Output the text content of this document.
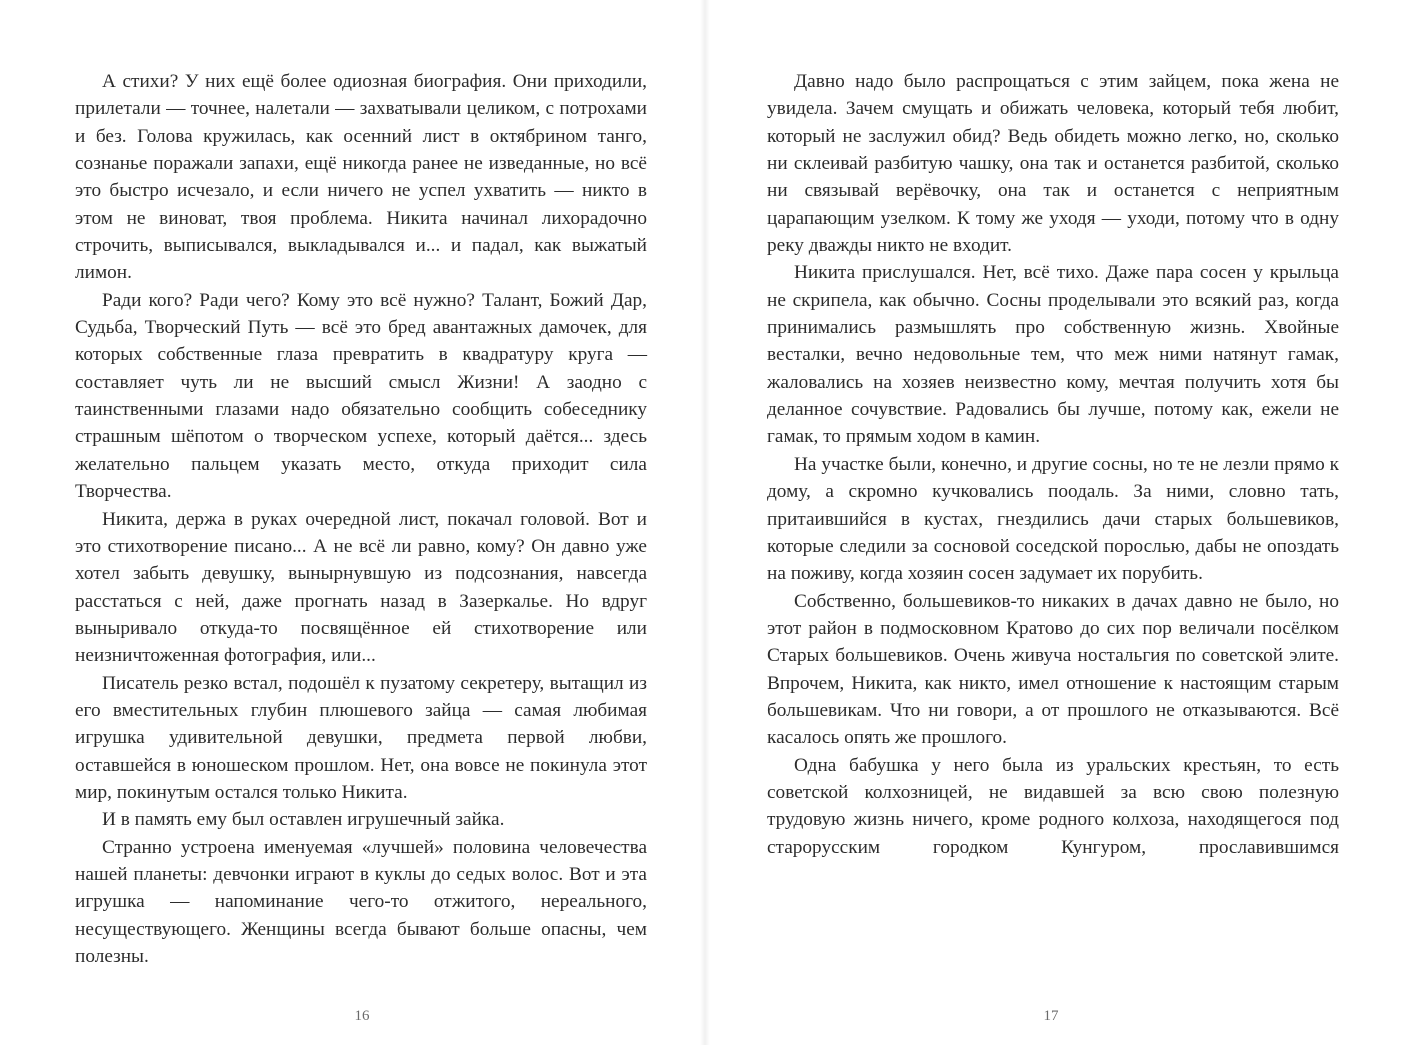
А стихи? У них ещё более одиозная биография. Они приходили, прилетали — точнее, налетали — захватывали целиком, с потрохами и без. Голова кружилась, как осенний лист в октябрином танго, сознанье поражали запахи, ещё никогда ранее не изведанные, но всё это быстро исчезало, и если ничего не успел ухватить — никто в этом не виноват, твоя проблема. Никита начинал лихорадочно строчить, выписывался, выкладывался и... и падал, как выжатый лимон.

Ради кого? Ради чего? Кому это всё нужно? Талант, Божий Дар, Судьба, Творческий Путь — всё это бред авантажных дамочек, для которых собственные глаза превратить в квадратуру круга — составляет чуть ли не высший смысл Жизни! А заодно с таинственными глазами надо обязательно сообщить собеседнику страшным шёпотом о творческом успехе, который даётся... здесь желательно пальцем указать место, откуда приходит сила Творчества.

Никита, держа в руках очередной лист, покачал головой. Вот и это стихотворение писано... А не всё ли равно, кому? Он давно уже хотел забыть девушку, вынырнувшую из подсознания, навсегда расстаться с ней, даже прогнать назад в Зазеркалье. Но вдруг выныривало откуда-то посвящённое ей стихотворение или неизничтоженная фотография, или...

Писатель резко встал, подошёл к пузатому секретеру, вытащил из его вместительных глубин плюшевого зайца — самая любимая игрушка удивительной девушки, предмета первой любви, оставшейся в юношеском прошлом. Нет, она вовсе не покинула этот мир, покинутым остался только Никита.

И в память ему был оставлен игрушечный зайка.

Странно устроена именуемая «лучшей» половина человечества нашей планеты: девчонки играют в куклы до седых волос. Вот и эта игрушка — напоминание чего-то отжитого, нереального, несуществующего. Женщины всегда бывают больше опасны, чем полезны.

16

Давно надо было распрощаться с этим зайцем, пока жена не увидела. Зачем смущать и обижать человека, который тебя любит, который не заслужил обид? Ведь обидеть можно легко, но, сколько ни склеивай разбитую чашку, она так и останется разбитой, сколько ни связывай верёвочку, она так и останется с неприятным царапающим узелком. К тому же уходя — уходи, потому что в одну реку дважды никто не входит.

Никита прислушался. Нет, всё тихо. Даже пара сосен у крыльца не скрипела, как обычно. Сосны проделывали это всякий раз, когда принимались размышлять про собственную жизнь. Хвойные весталки, вечно недовольные тем, что меж ними натянут гамак, жаловались на хозяев неизвестно кому, мечтая получить хотя бы деланное сочувствие. Радовались бы лучше, потому как, ежели не гамак, то прямым ходом в камин.

На участке были, конечно, и другие сосны, но те не лезли прямо к дому, а скромно кучковались поодаль. За ними, словно тать, притаившийся в кустах, гнездились дачи старых большевиков, которые следили за сосновой соседской порослью, дабы не опоздать на поживу, когда хозяин сосен задумает их порубить.

Собственно, большевиков-то никаких в дачах давно не было, но этот район в подмосковном Кратово до сих пор величали посёлком Старых большевиков. Очень живуча ностальгия по советской элите. Впрочем, Никита, как никто, имел отношение к настоящим старым большевикам. Что ни говори, а от прошлого не отказываются. Всё касалось опять же прошлого.

Одна бабушка у него была из уральских крестьян, то есть советской колхозницей, не видавшей за всю свою полезную трудовую жизнь ничего, кроме родного колхоза, находящегося под старорусским городком Кунгуром, прославившимся

17
